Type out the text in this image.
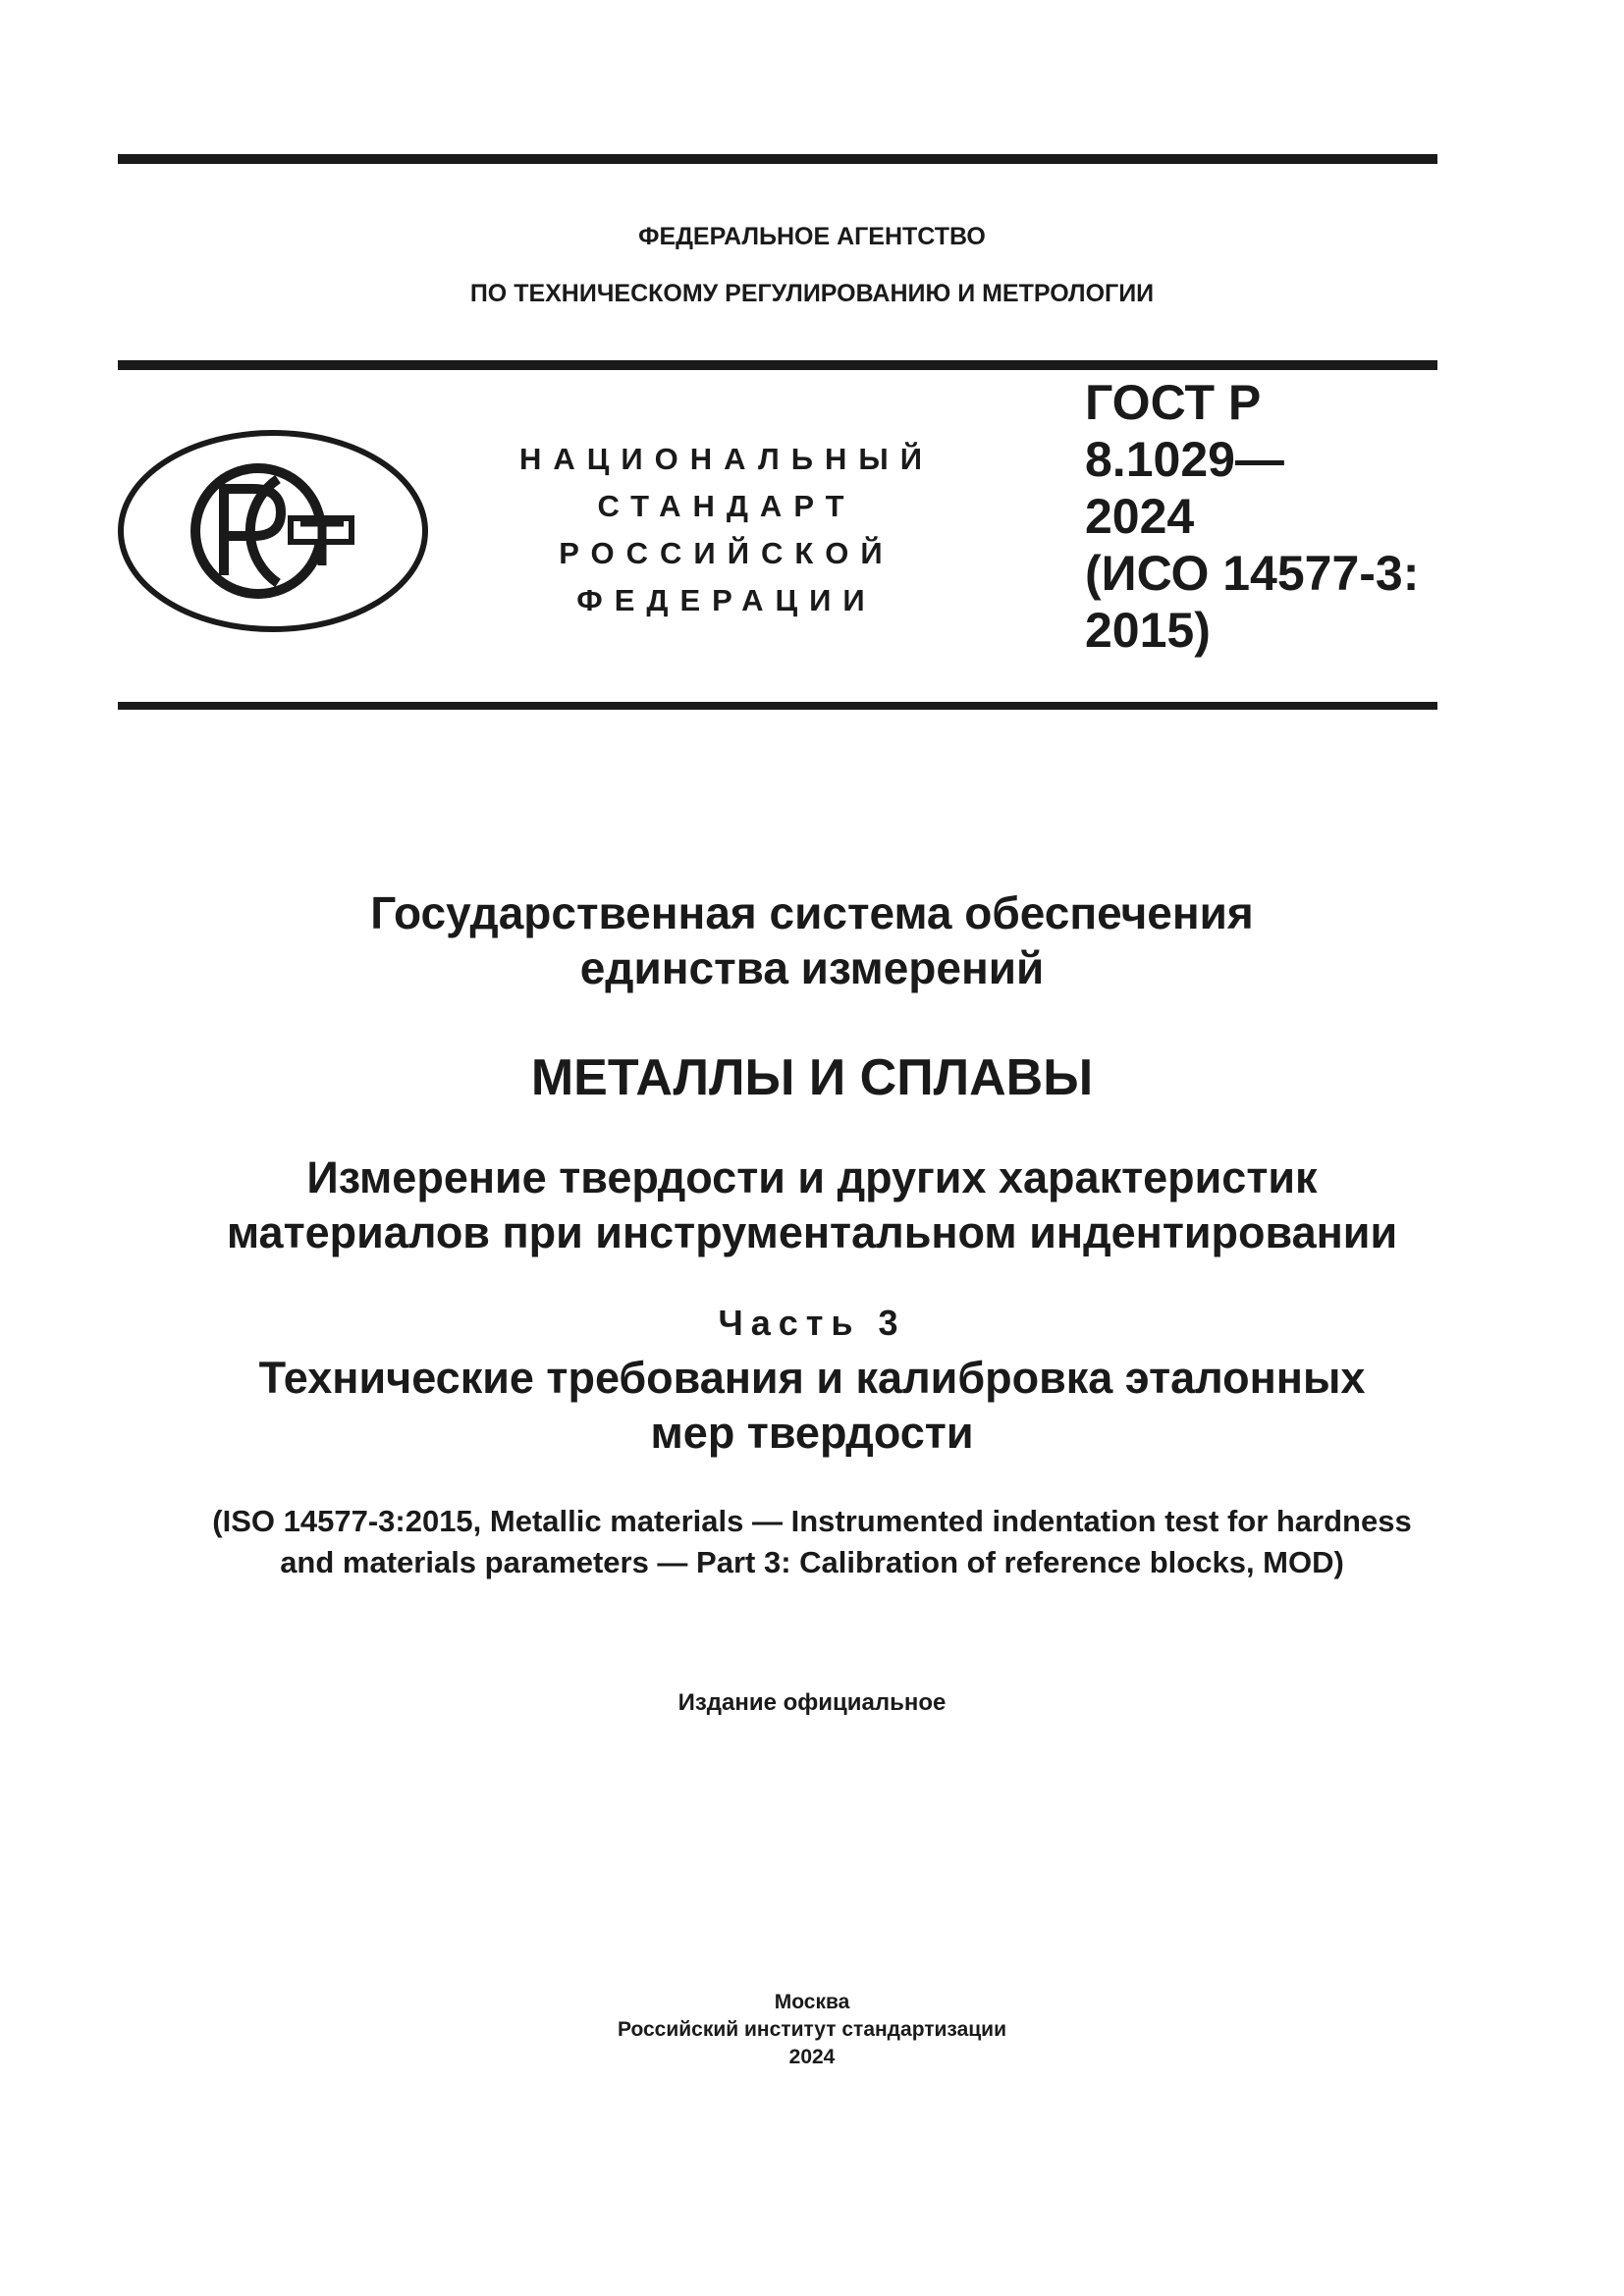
ФЕДЕРАЛЬНОЕ АГЕНТСТВО
ПО ТЕХНИЧЕСКОМУ РЕГУЛИРОВАНИЮ И МЕТРОЛОГИИ
НАЦИОНАЛЬНЫЙ
СТАНДАРТ
РОССИЙСКОЙ
ФЕДЕРАЦИИ
ГОСТ Р
8.1029—
2024
(ИСО 14577-3:
2015)
Государственная система обеспечения
единства измерений
МЕТАЛЛЫ И СПЛАВЫ
Измерение твердости и других характеристик
материалов при инструментальном индентировании
Часть 3
Технические требования и калибровка эталонных
мер твердости
(ISO 14577-3:2015, Metallic materials — Instrumented indentation test for hardness
and materials parameters — Part 3: Calibration of reference blocks, MOD)
Издание официальное
Москва
Российский институт стандартизации
2024
